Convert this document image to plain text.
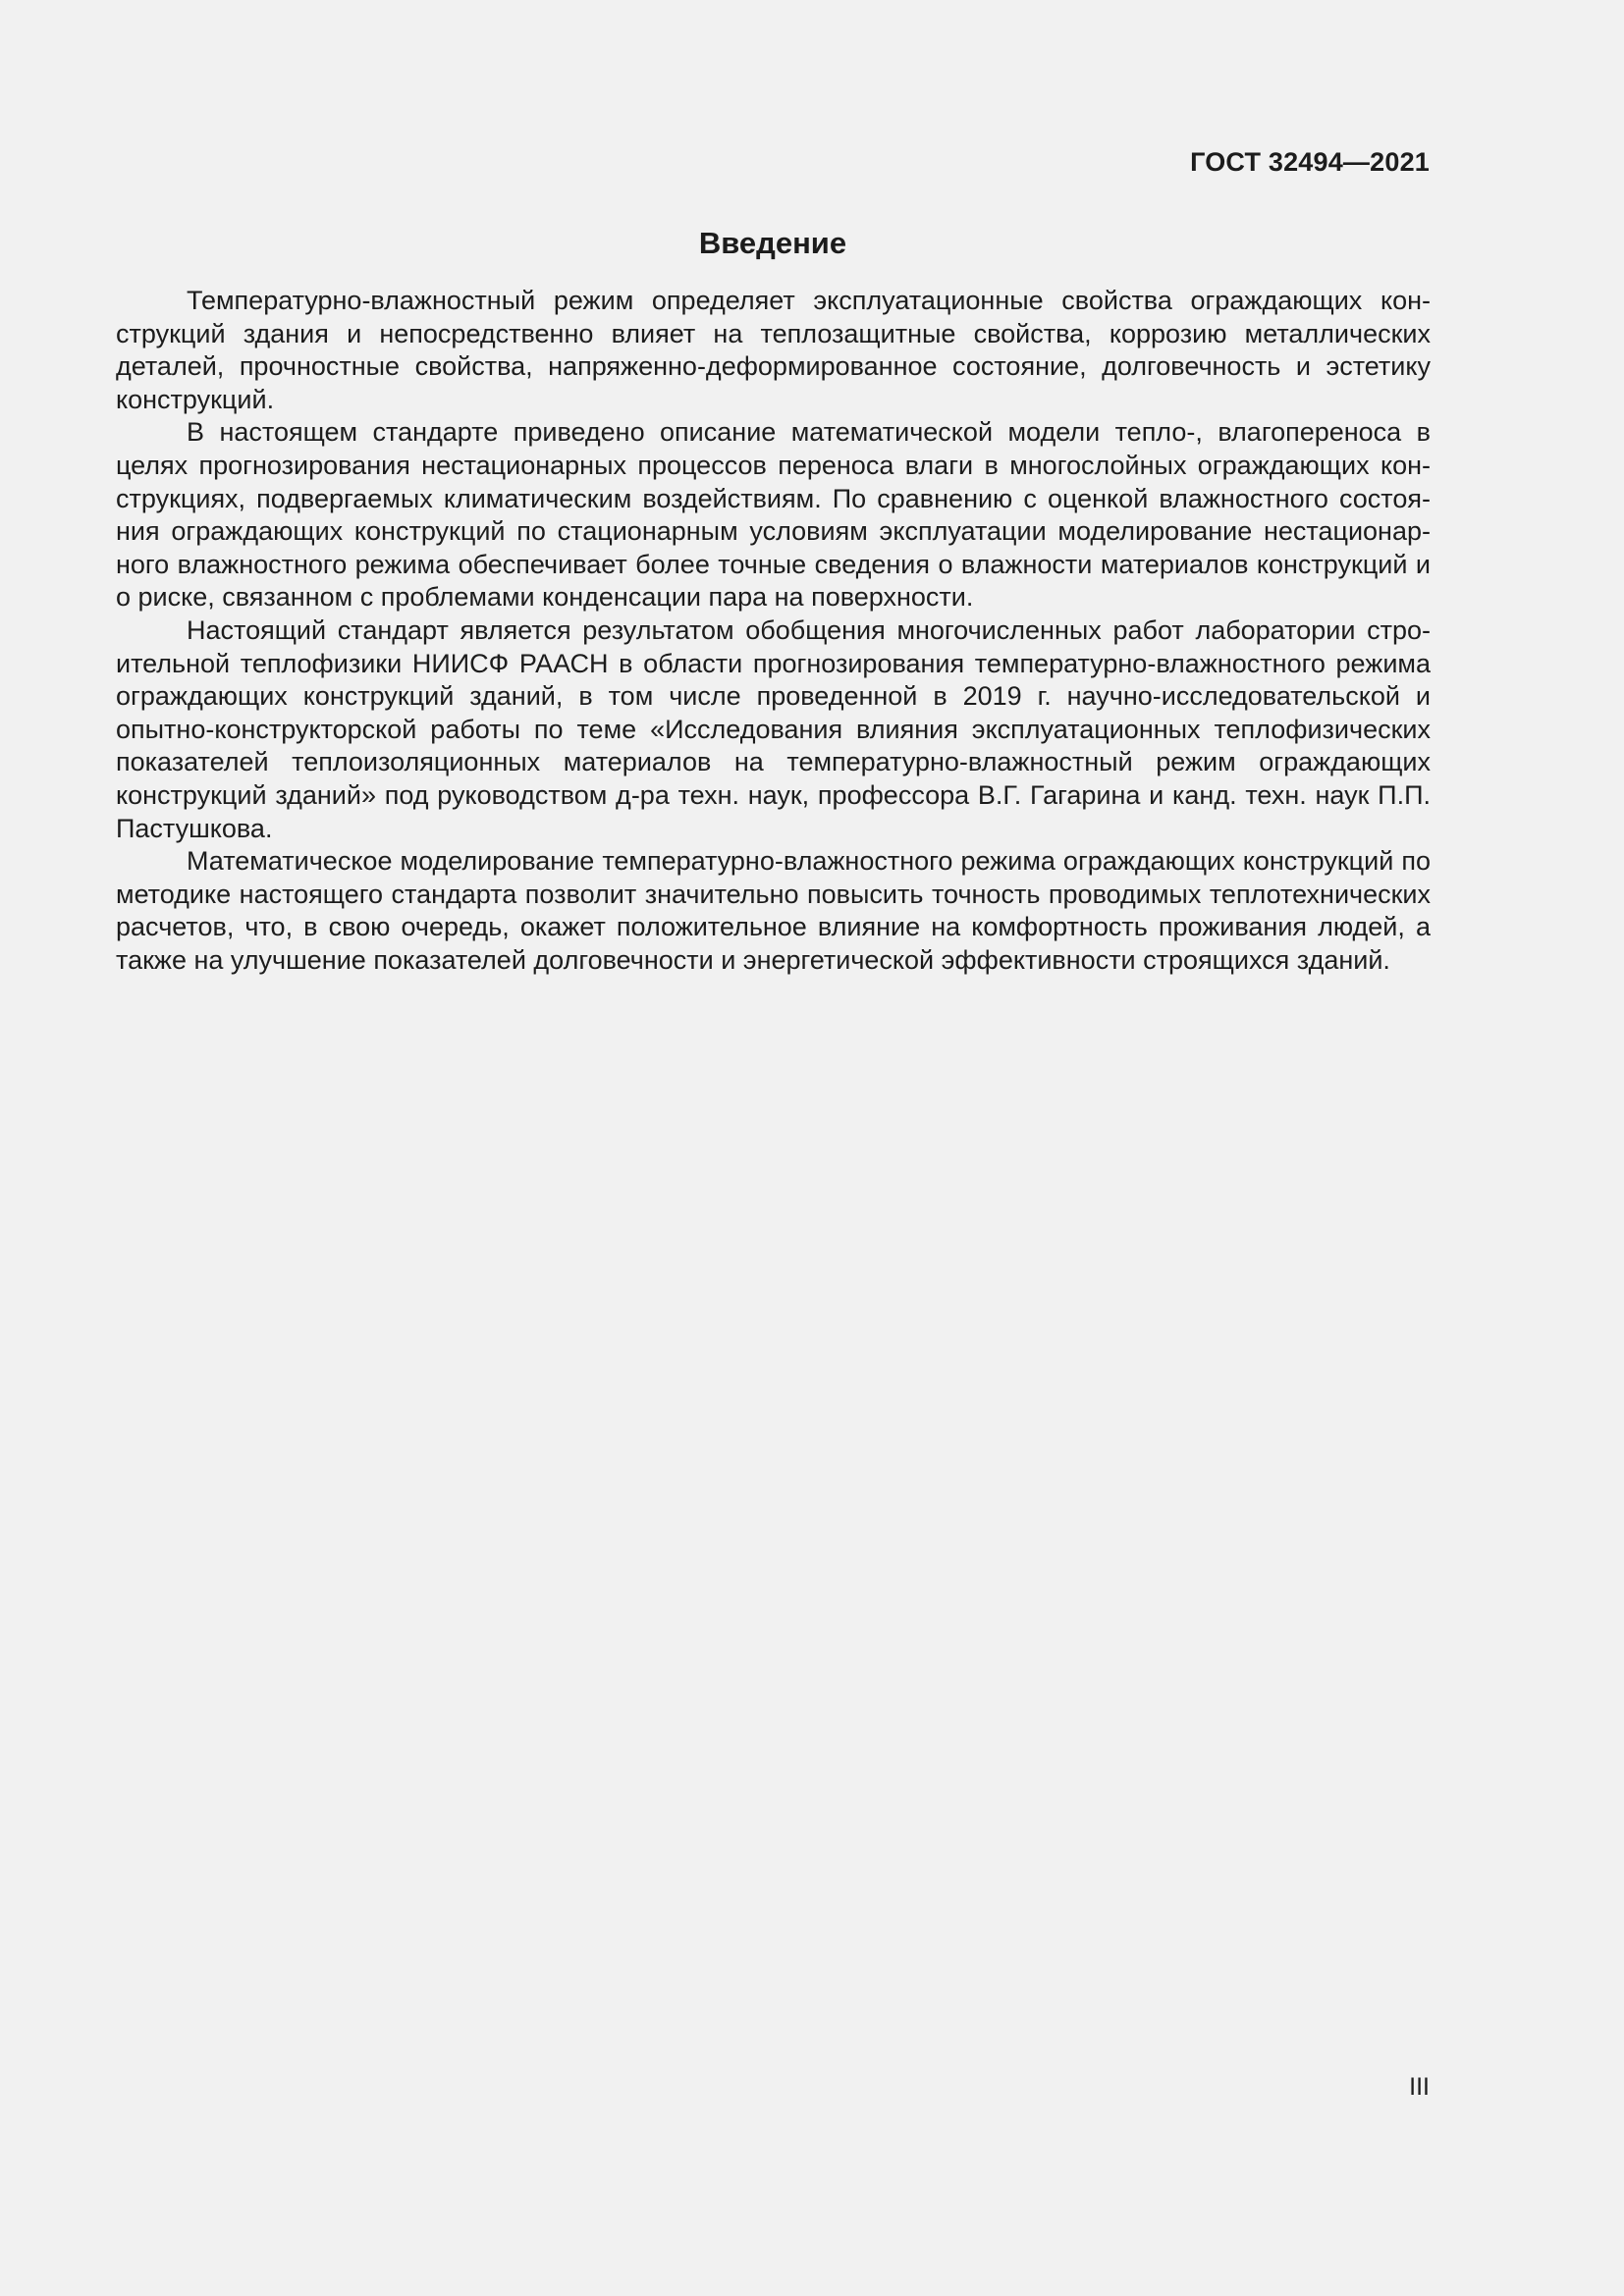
ГОСТ 32494—2021
Введение

Температурно-влажностный режим определяет эксплуатационные свойства ограждающих конструкций здания и непосредственно влияет на теплозащитные свойства, коррозию металлических деталей, прочностные свойства, напряженно-деформированное состояние, долговечность и эстетику конструкций.

В настоящем стандарте приведено описание математической модели тепло-, влагопереноса в целях прогнозирования нестационарных процессов переноса влаги в многослойных ограждающих конструкциях, подвергаемых климатическим воздействиям. По сравнению с оценкой влажностного состояния ограждающих конструкций по стационарным условиям эксплуатации моделирование нестационарного влажностного режима обеспечивает более точные сведения о влажности материалов конструкций и о риске, связанном с проблемами конденсации пара на поверхности.

Настоящий стандарт является результатом обобщения многочисленных работ лаборатории строительной теплофизики НИИСФ РААСН в области прогнозирования температурно-влажностного режима ограждающих конструкций зданий, в том числе проведенной в 2019 г. научно-исследовательской и опытно-конструкторской работы по теме «Исследования влияния эксплуатационных теплофизических показателей теплоизоляционных материалов на температурно-влажностный режим ограждающих конструкций зданий» под руководством д-ра техн. наук, профессора В.Г. Гагарина и канд. техн. наук П.П. Пастушкова.

Математическое моделирование температурно-влажностного режима ограждающих конструкций по методике настоящего стандарта позволит значительно повысить точность проводимых теплотехнических расчетов, что, в свою очередь, окажет положительное влияние на комфортность проживания людей, а также на улучшение показателей долговечности и энергетической эффективности строящихся зданий.

III
